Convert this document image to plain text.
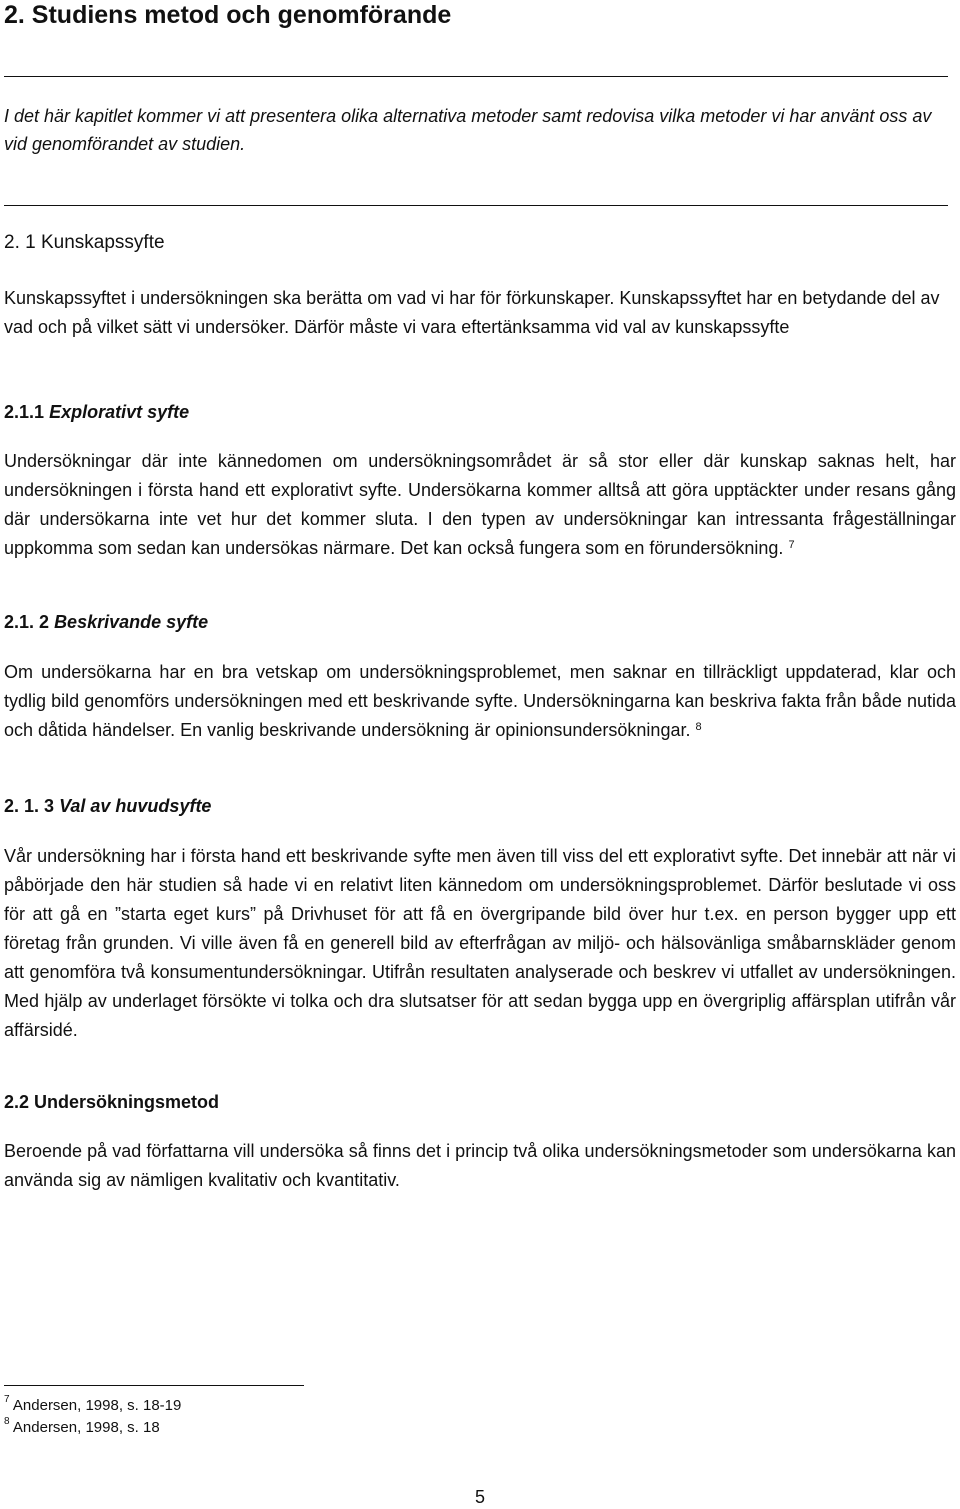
2. Studiens metod och genomförande
I det här kapitlet kommer vi att presentera olika alternativa metoder samt redovisa vilka metoder vi har använt oss av vid genomförandet av studien.
2. 1 Kunskapssyfte
Kunskapssyftet i undersökningen ska berätta om vad vi har för förkunskaper. Kunskapssyftet har en betydande del av vad och på vilket sätt vi undersöker. Därför måste vi vara eftertänksamma vid val av kunskapssyfte
2.1.1 Explorativt syfte
Undersökningar där inte kännedomen om undersökningsområdet är så stor eller där kunskap saknas helt, har undersökningen i första hand ett explorativt syfte. Undersökarna kommer alltså att göra upptäckter under resans gång där undersökarna inte vet hur det kommer sluta. I den typen av undersökningar kan intressanta frågeställningar uppkomma som sedan kan undersökas närmare. Det kan också fungera som en förundersökning. $^7$
2.1. 2 Beskrivande syfte
Om undersökarna har en bra vetskap om undersökningsproblemet, men saknar en tillräckligt uppdaterad, klar och tydlig bild genomförs undersökningen med ett beskrivande syfte. Undersökningarna kan beskriva fakta från både nutida och dåtida händelser. En vanlig beskrivande undersökning är opinionsundersökningar. $^8$
2. 1. 3 Val av huvudsyfte
Vår undersökning har i första hand ett beskrivande syfte men även till viss del ett explorativt syfte. Det innebär att när vi påbörjade den här studien så hade vi en relativt liten kännedom om undersökningsproblemet. Därför beslutade vi oss för att gå en ”starta eget kurs” på Drivhuset för att få en övergripande bild över hur t.ex. en person bygger upp ett företag från grunden. Vi ville även få en generell bild av efterfrågan av miljö- och hälsovänliga småbarnskläder genom att genomföra två konsumentundersökningar. Utifrån resultaten analyserade och beskrev vi utfallet av undersökningen. Med hjälp av underlaget försökte vi tolka och dra slutsatser för att sedan bygga upp en övergriplig affärsplan utifrån vår affärsidé.
2.2 Undersökningsmetod
Beroende på vad författarna vill undersöka så finns det i princip två olika undersökningsmetoder som undersökarna kan använda sig av nämligen kvalitativ och kvantitativ.
$^7$ Andersen, 1998, s. 18-19
$^8$ Andersen, 1998, s. 18
5
